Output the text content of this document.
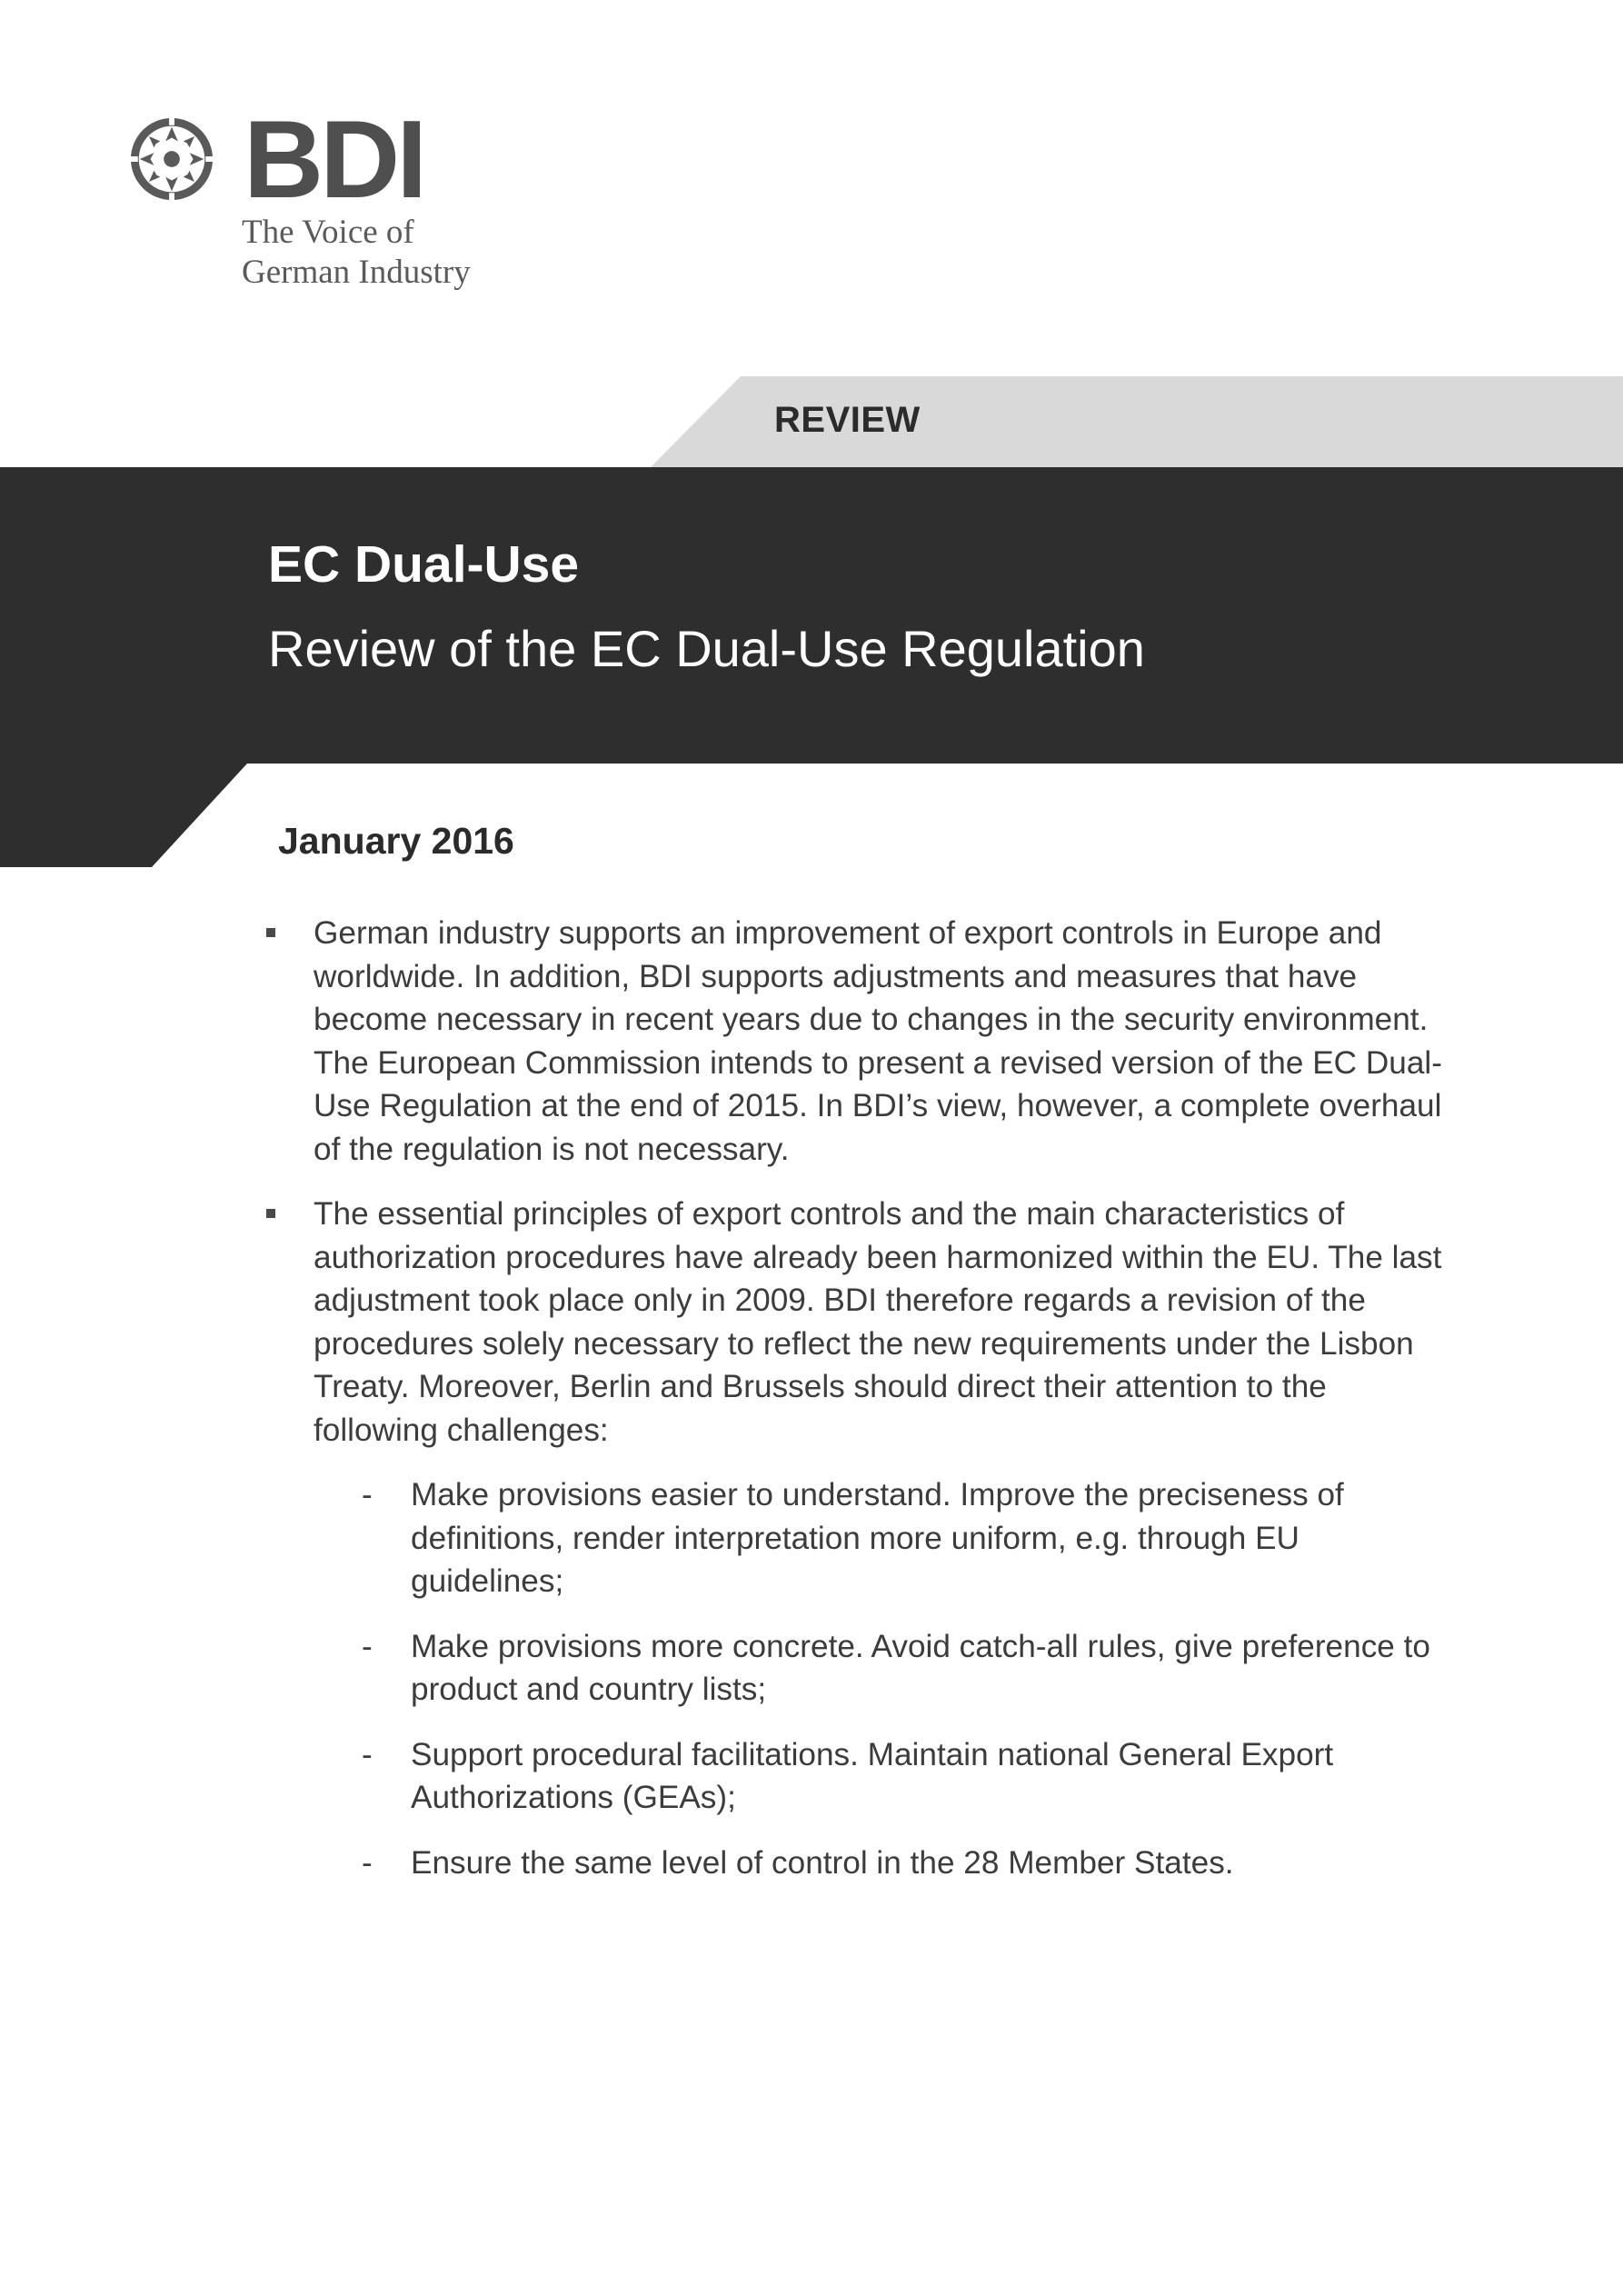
BDI
The Voice of
German Industry
REVIEW
EC Dual-Use
Review of the EC Dual-Use Regulation
January 2016
German industry supports an improvement of export controls in Europe and worldwide. In addition, BDI supports adjustments and measures that have become necessary in recent years due to changes in the security environment. The European Commission intends to present a revised version of the EC Dual-Use Regulation at the end of 2015. In BDI’s view, however, a complete overhaul of the regulation is not necessary.
The essential principles of export controls and the main characteristics of authorization procedures have already been harmonized within the EU. The last adjustment took place only in 2009. BDI therefore regards a revision of the procedures solely necessary to reflect the new requirements under the Lisbon Treaty. Moreover, Berlin and Brussels should direct their attention to the following challenges:
- Make provisions easier to understand. Improve the preciseness of definitions, render interpretation more uniform, e.g. through EU guidelines;
- Make provisions more concrete. Avoid catch-all rules, give preference to product and country lists;
- Support procedural facilitations. Maintain national General Export Authorizations (GEAs);
- Ensure the same level of control in the 28 Member States.
